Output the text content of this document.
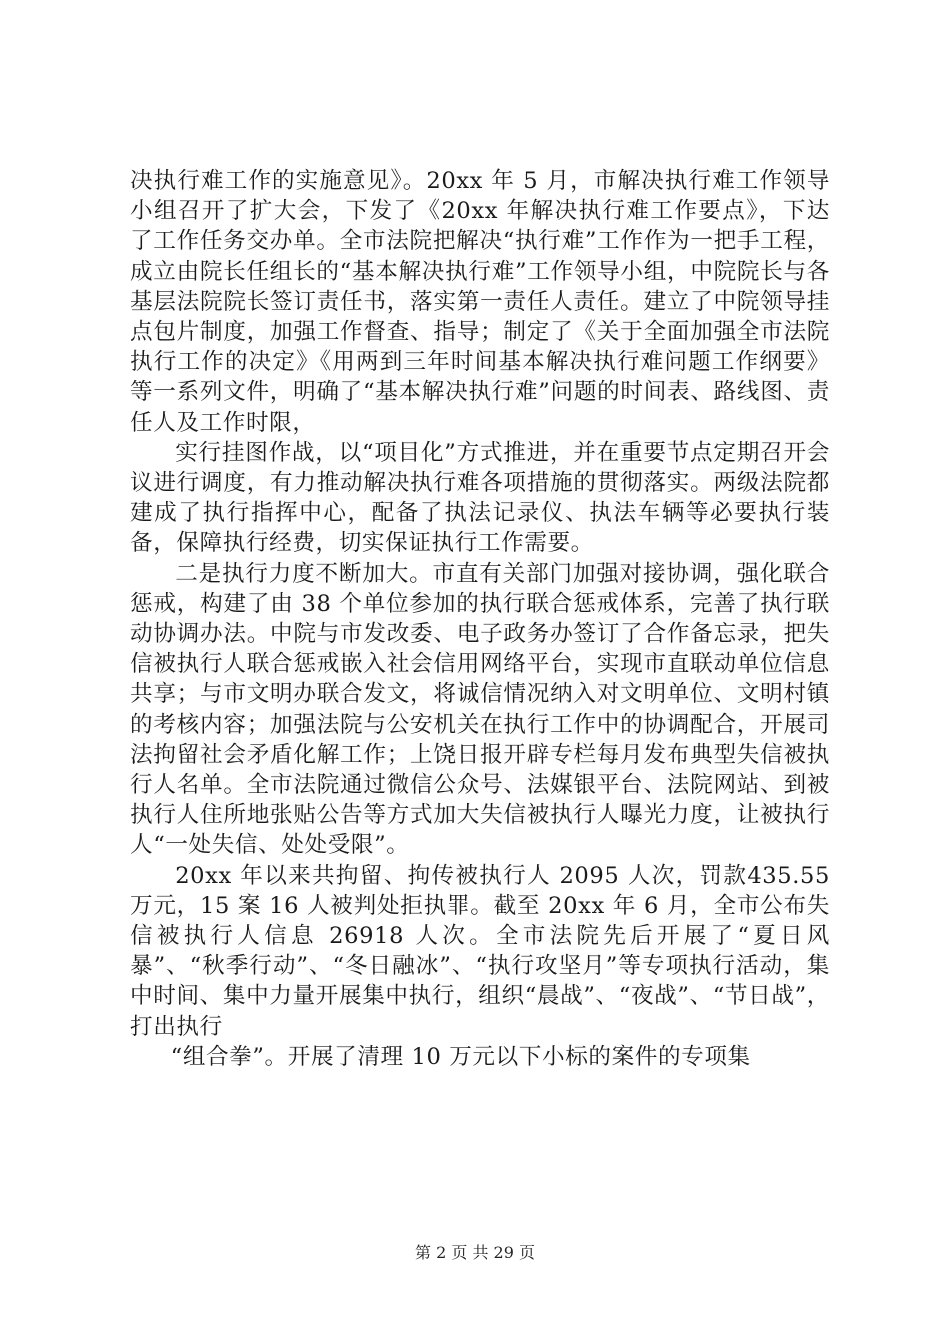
决执行难工作的实施意见》。20xx 年 5 月，市解决执行难工作领导小组召开了扩大会，下发了《20xx 年解决执行难工作要点》，下达了工作任务交办单。全市法院把解决“执行难”工作作为一把手工程，成立由院长任组长的“基本解决执行难”工作领导小组，中院院长与各基层法院院长签订责任书，落实第一责任人责任。建立了中院领导挂点包片制度，加强工作督查、指导；制定了《关于全面加强全市法院执行工作的决定》《用两到三年时间基本解决执行难问题工作纲要》等一系列文件，明确了“基本解决执行难”问题的时间表、路线图、责任人及工作时限，

实行挂图作战，以“项目化”方式推进，并在重要节点定期召开会议进行调度，有力推动解决执行难各项措施的贯彻落实。两级法院都建成了执行指挥中心，配备了执法记录仪、执法车辆等必要执行装备，保障执行经费，切实保证执行工作需要。

二是执行力度不断加大。市直有关部门加强对接协调，强化联合惩戒，构建了由 38 个单位参加的执行联合惩戒体系，完善了执行联动协调办法。中院与市发改委、电子政务办签订了合作备忘录，把失信被执行人联合惩戒嵌入社会信用网络平台，实现市直联动单位信息共享；与市文明办联合发文，将诚信情况纳入对文明单位、文明村镇的考核内容；加强法院与公安机关在执行工作中的协调配合，开展司法拘留社会矛盾化解工作；上饶日报开辟专栏每月发布典型失信被执行人名单。全市法院通过微信公众号、法媒银平台、法院网站、到被执行人住所地张贴公告等方式加大失信被执行人曝光力度，让被执行人“一处失信、处处受限”。

20xx 年以来共拘留、拘传被执行人 2095 人次，罚款435.55 万元，15 案 16 人被判处拒执罪。截至 20xx 年 6 月，全市公布失信被执行人信息 26918 人次。全市法院先后开展了“夏日风暴”、“秋季行动”、“冬日融冰”、“执行攻坚月”等专项执行活动，集中时间、集中力量开展集中执行，组织“晨战”、“夜战”、“节日战”，打出执行

“组合拳”。开展了清理 10 万元以下小标的案件的专项集

第 2 页 共 29 页
